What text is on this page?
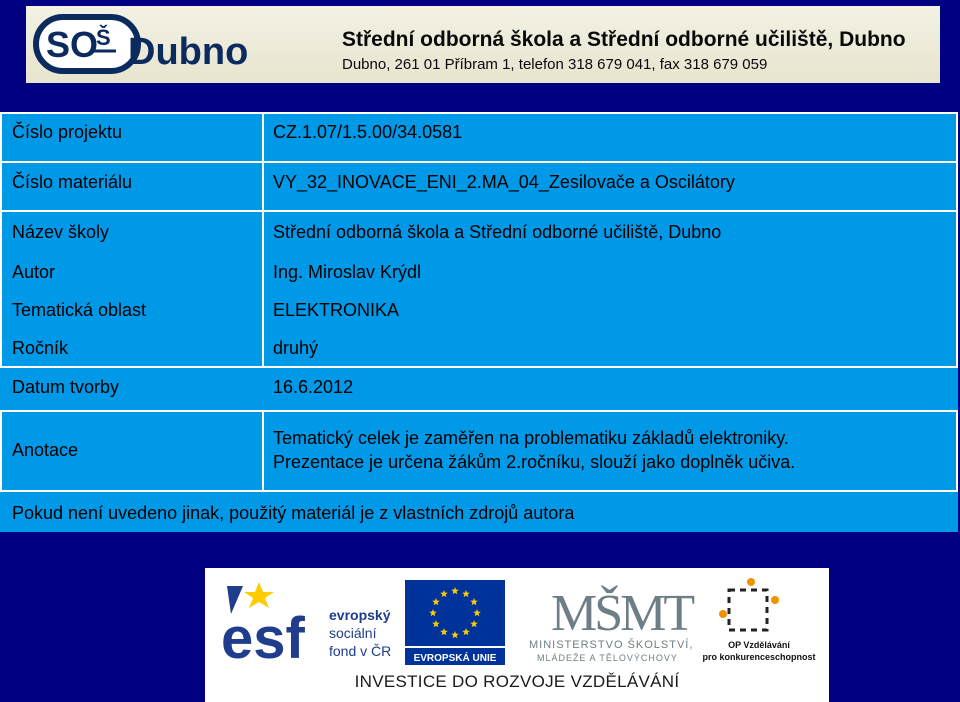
SO
Š Dubno	Střední odborná škola a Střední odborné učiliště, Dubno
Dubno, 261 01 Příbram 1, telefon 318 679 041, fax 318 679 059
Číslo projektu
Číslo materiálu
Název školy
Autor
Tematická oblast
Ročník
Datum tvorby
Anotace
CZ.1.07/1.5.00/34.0581
VY_32_INOVACE_ENI_2.MA_04_Zesilovače a Oscilátory
Střední odborná škola a Střední odborné učiliště, Dubno
Ing. Miroslav Krýdl
ELEKTRONIKA
druhý
16.6.2012
Tematický celek je zaměřen na problematiku základů elektroniky.
Prezentace je určena žákům 2.ročníku, slouží jako doplněk učiva.
Pokud není uvedeno jinak, použitý materiál je z vlastních zdrojů autora
esf evropský
sociální
fond v ČR EVROPSKÁ UNIE
MŠMT
MINISTERSTVO ŠKOLSTVÍ,
MLÁDEŽE A TĚLOVÝCHOVY
OP Vzdělávání
pro konkurenceschopnost
INVESTICE DO ROZVOJE VZDĚLÁVÁNÍ
